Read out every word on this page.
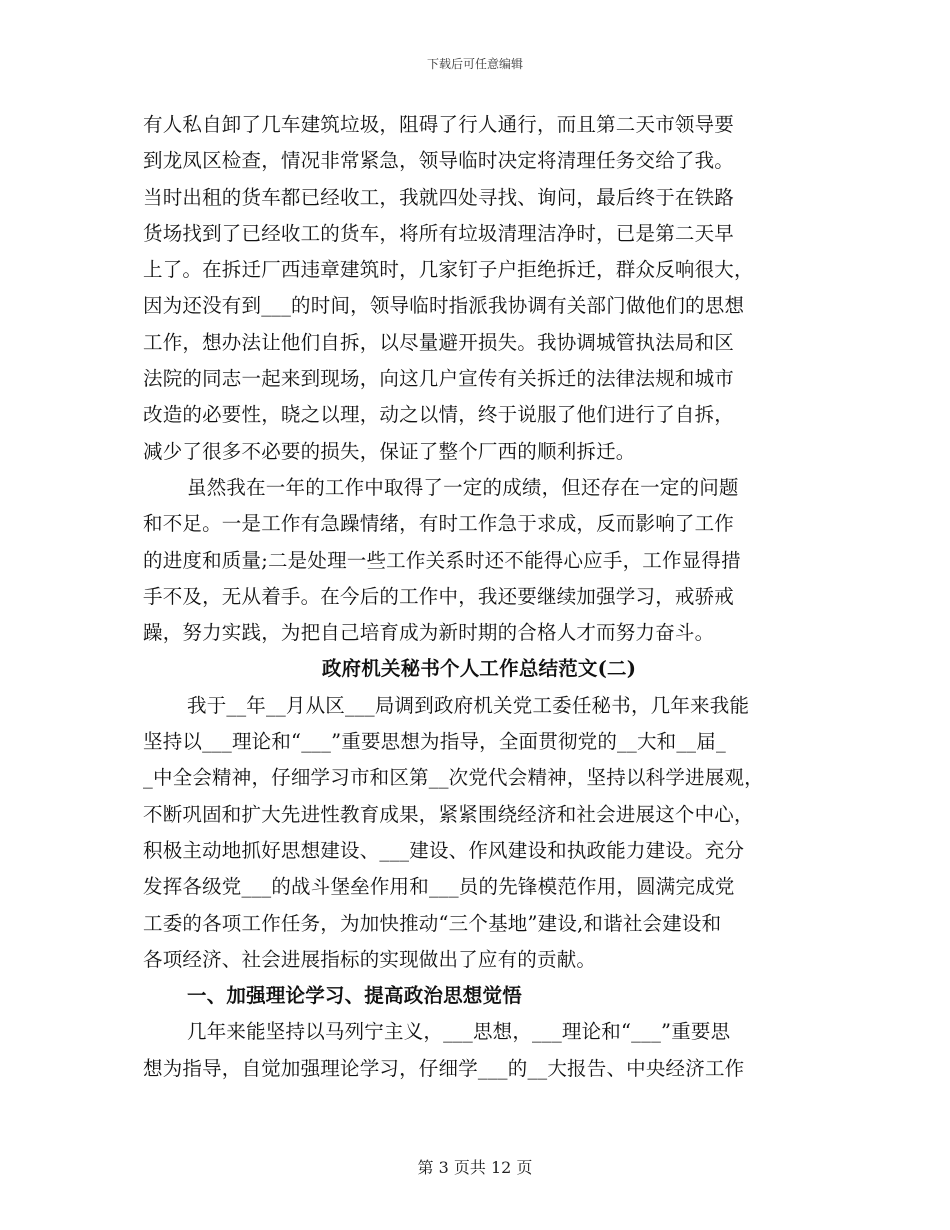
下载后可任意编辑
有人私自卸了几车建筑垃圾，阻碍了行人通行，而且第二天市领导要
到龙凤区检查，情况非常紧急，领导临时决定将清理任务交给了我。
当时出租的货车都已经收工，我就四处寻找、询问，最后终于在铁路
货场找到了已经收工的货车，将所有垃圾清理洁净时，已是第二天早
上了。在拆迁厂西违章建筑时，几家钉子户拒绝拆迁，群众反响很大，
因为还没有到___的时间，领导临时指派我协调有关部门做他们的思想
工作，想办法让他们自拆，以尽量避开损失。我协调城管执法局和区
法院的同志一起来到现场，向这几户宣传有关拆迁的法律法规和城市
改造的必要性，晓之以理，动之以情，终于说服了他们进行了自拆，
减少了很多不必要的损失，保证了整个厂西的顺利拆迁。
虽然我在一年的工作中取得了一定的成绩，但还存在一定的问题
和不足。一是工作有急躁情绪，有时工作急于求成，反而影响了工作
的进度和质量;二是处理一些工作关系时还不能得心应手，工作显得措
手不及，无从着手。在今后的工作中，我还要继续加强学习，戒骄戒
躁，努力实践，为把自己培育成为新时期的合格人才而努力奋斗。
政府机关秘书个人工作总结范文(二)
我于__年__月从区___局调到政府机关党工委任秘书，几年来我能
坚持以___理论和“___”重要思想为指导，全面贯彻党的__大和__届_
_中全会精神，仔细学习市和区第__次党代会精神，坚持以科学进展观，
不断巩固和扩大先进性教育成果，紧紧围绕经济和社会进展这个中心，
积极主动地抓好思想建设、___建设、作风建设和执政能力建设。充分
发挥各级党___的战斗堡垒作用和___员的先锋模范作用，圆满完成党
工委的各项工作任务，为加快推动“三个基地”建设,和谐社会建设和
各项经济、社会进展指标的实现做出了应有的贡献。
一、加强理论学习、提高政治思想觉悟
几年来能坚持以马列宁主义，___思想，___理论和“___”重要思
想为指导，自觉加强理论学习，仔细学___的__大报告、中央经济工作
第 3 页共 12 页
